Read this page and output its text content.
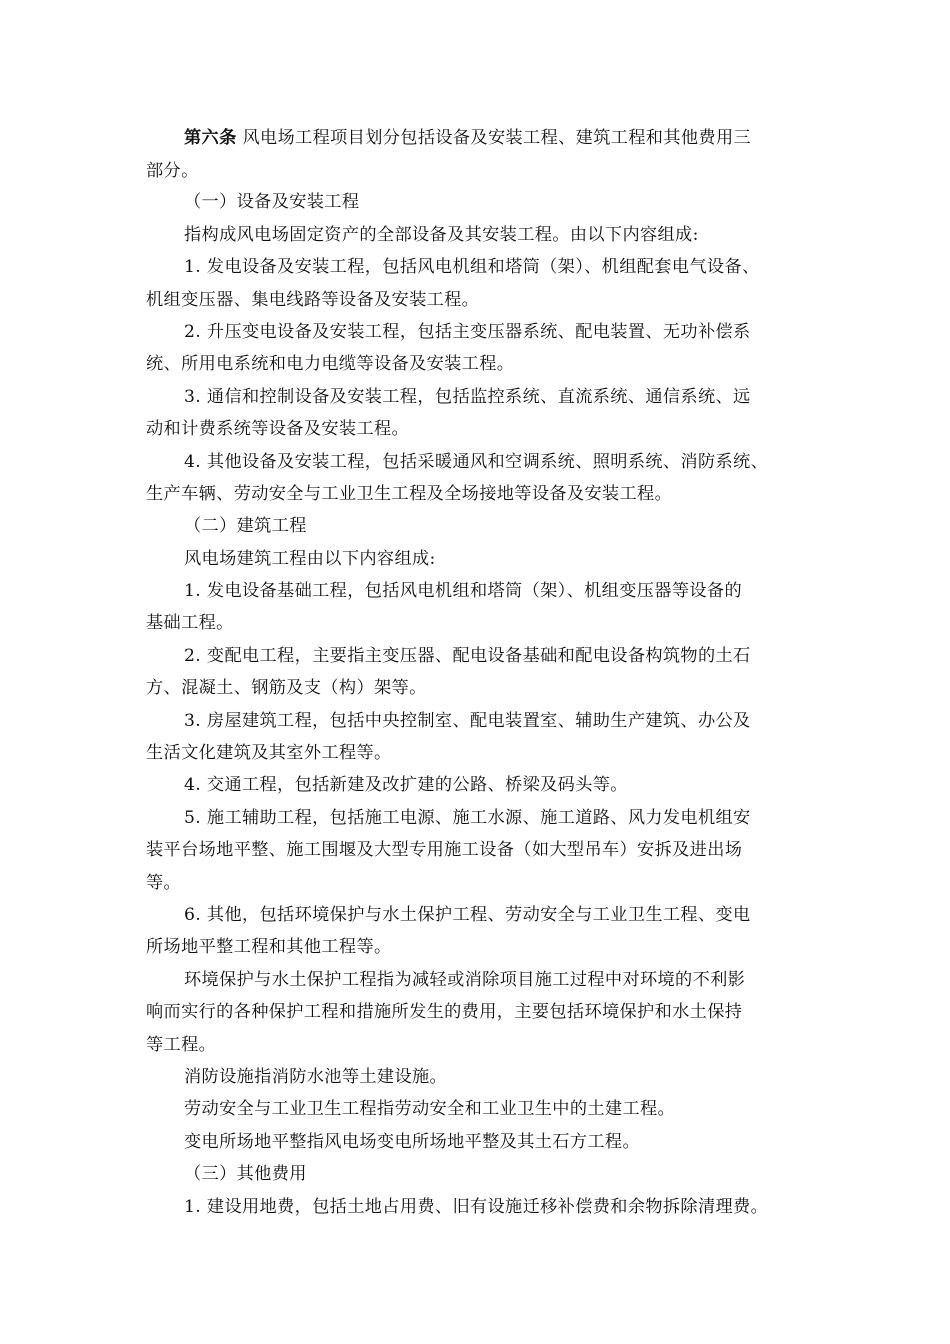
第六条 风电场工程项目划分包括设备及安装工程、建筑工程和其他费用三
部分。
（一）设备及安装工程
指构成风电场固定资产的全部设备及其安装工程。由以下内容组成:
1. 发电设备及安装工程，包括风电机组和塔筒（架）、机组配套电气设备、
机组变压器、集电线路等设备及安装工程。
2. 升压变电设备及安装工程，包括主变压器系统、配电装置、无功补偿系
统、所用电系统和电力电缆等设备及安装工程。
3. 通信和控制设备及安装工程，包括监控系统、直流系统、通信系统、远
动和计费系统等设备及安装工程。
4. 其他设备及安装工程，包括采暖通风和空调系统、照明系统、消防系统、
生产车辆、劳动安全与工业卫生工程及全场接地等设备及安装工程。
（二）建筑工程
风电场建筑工程由以下内容组成:
1. 发电设备基础工程，包括风电机组和塔筒（架）、机组变压器等设备的
基础工程。
2. 变配电工程，主要指主变压器、配电设备基础和配电设备构筑物的土石
方、混凝土、钢筋及支（构）架等。
3. 房屋建筑工程，包括中央控制室、配电装置室、辅助生产建筑、办公及
生活文化建筑及其室外工程等。
4. 交通工程，包括新建及改扩建的公路、桥梁及码头等。
5. 施工辅助工程，包括施工电源、施工水源、施工道路、风力发电机组安
装平台场地平整、施工围堰及大型专用施工设备（如大型吊车）安拆及进出场
等。
6. 其他，包括环境保护与水土保护工程、劳动安全与工业卫生工程、变电
所场地平整工程和其他工程等。
环境保护与水土保护工程指为减轻或消除项目施工过程中对环境的不利影
响而实行的各种保护工程和措施所发生的费用，主要包括环境保护和水土保持
等工程。
消防设施指消防水池等土建设施。
劳动安全与工业卫生工程指劳动安全和工业卫生中的土建工程。
变电所场地平整指风电场变电所场地平整及其土石方工程。
（三）其他费用
1. 建设用地费，包括土地占用费、旧有设施迁移补偿费和余物拆除清理费。
